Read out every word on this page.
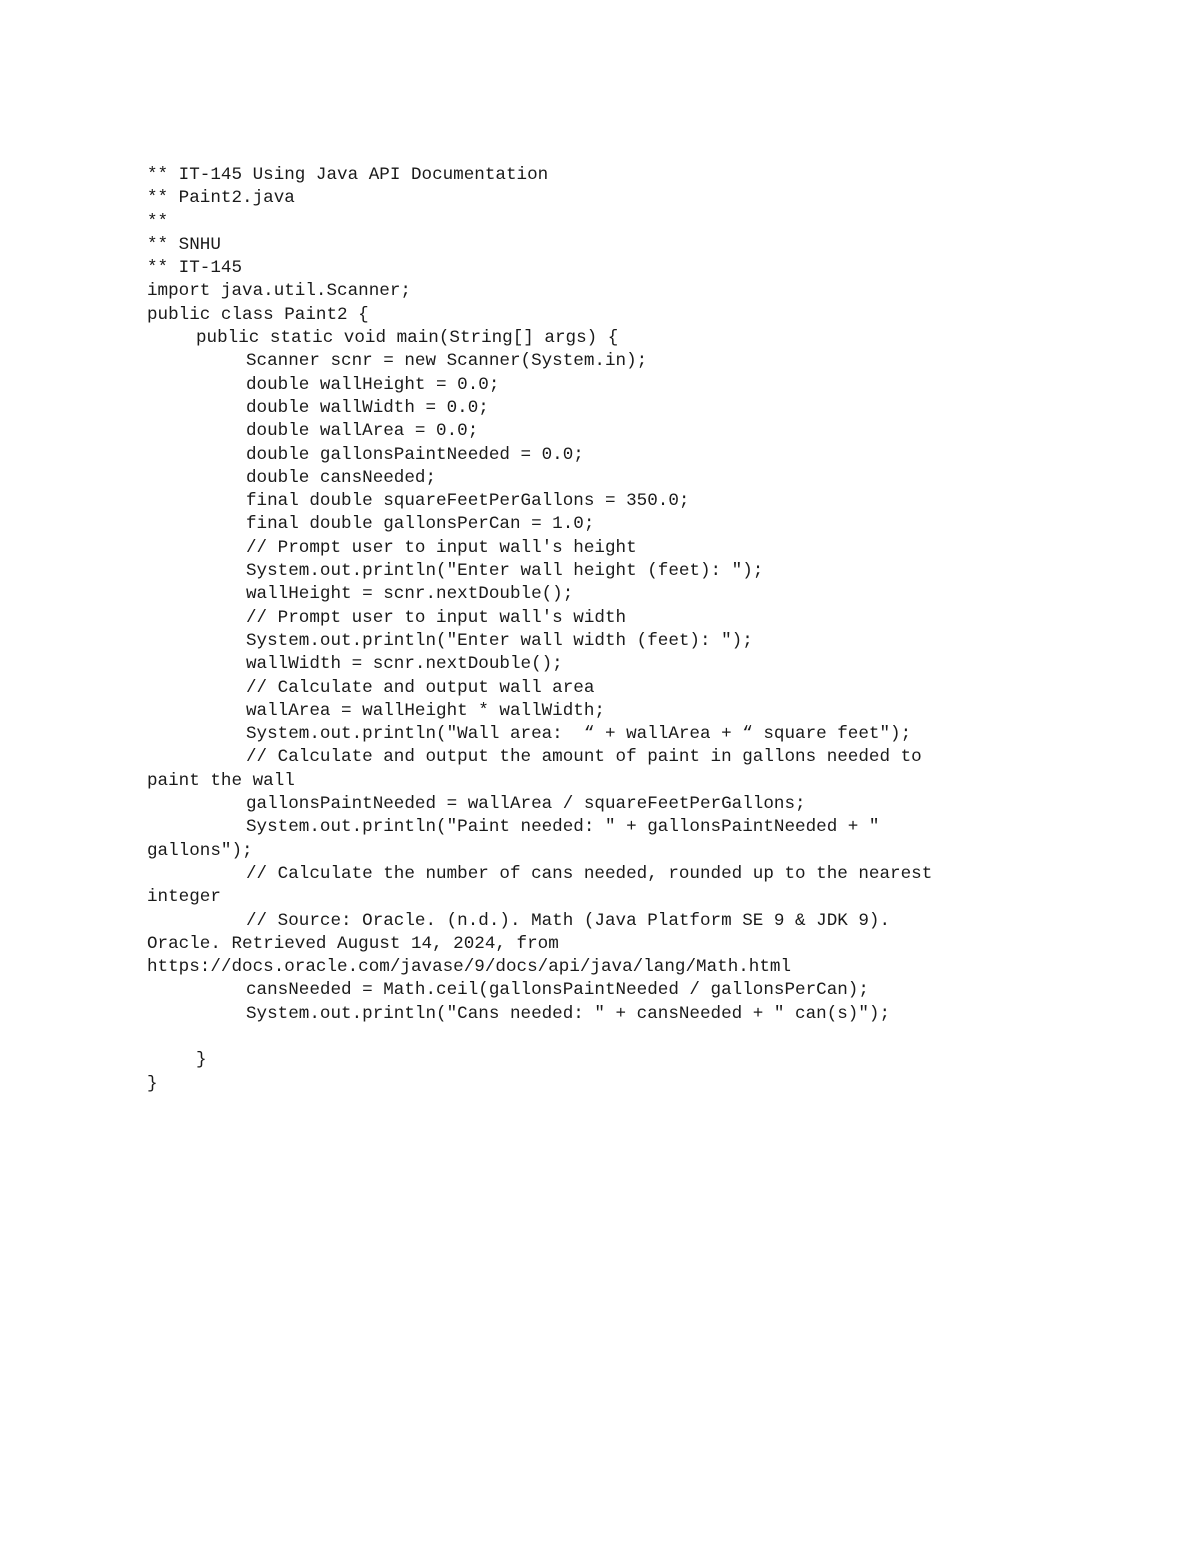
** IT-145 Using Java API Documentation
** Paint2.java
**
** SNHU
** IT-145
import java.util.Scanner;
public class Paint2 {
public static void main(String[] args) {
Scanner scnr = new Scanner(System.in);
double wallHeight = 0.0;
double wallWidth = 0.0;
double wallArea = 0.0;
double gallonsPaintNeeded = 0.0;
double cansNeeded;
final double squareFeetPerGallons = 350.0;
final double gallonsPerCan = 1.0;
// Prompt user to input wall's height
System.out.println("Enter wall height (feet): ");
wallHeight = scnr.nextDouble();
// Prompt user to input wall's width
System.out.println("Enter wall width (feet): ");
wallWidth = scnr.nextDouble();
// Calculate and output wall area
wallArea = wallHeight * wallWidth;
System.out.println("Wall area:  “ + wallArea + “ square feet");
// Calculate and output the amount of paint in gallons needed to
paint the wall
gallonsPaintNeeded = wallArea / squareFeetPerGallons;
System.out.println("Paint needed: " + gallonsPaintNeeded + "
gallons");
// Calculate the number of cans needed, rounded up to the nearest
integer
// Source: Oracle. (n.d.). Math (Java Platform SE 9 & JDK 9).
Oracle. Retrieved August 14, 2024, from
https://docs.oracle.com/javase/9/docs/api/java/lang/Math.html
cansNeeded = Math.ceil(gallonsPaintNeeded / gallonsPerCan);
System.out.println("Cans needed: " + cansNeeded + " can(s)");
}
}
